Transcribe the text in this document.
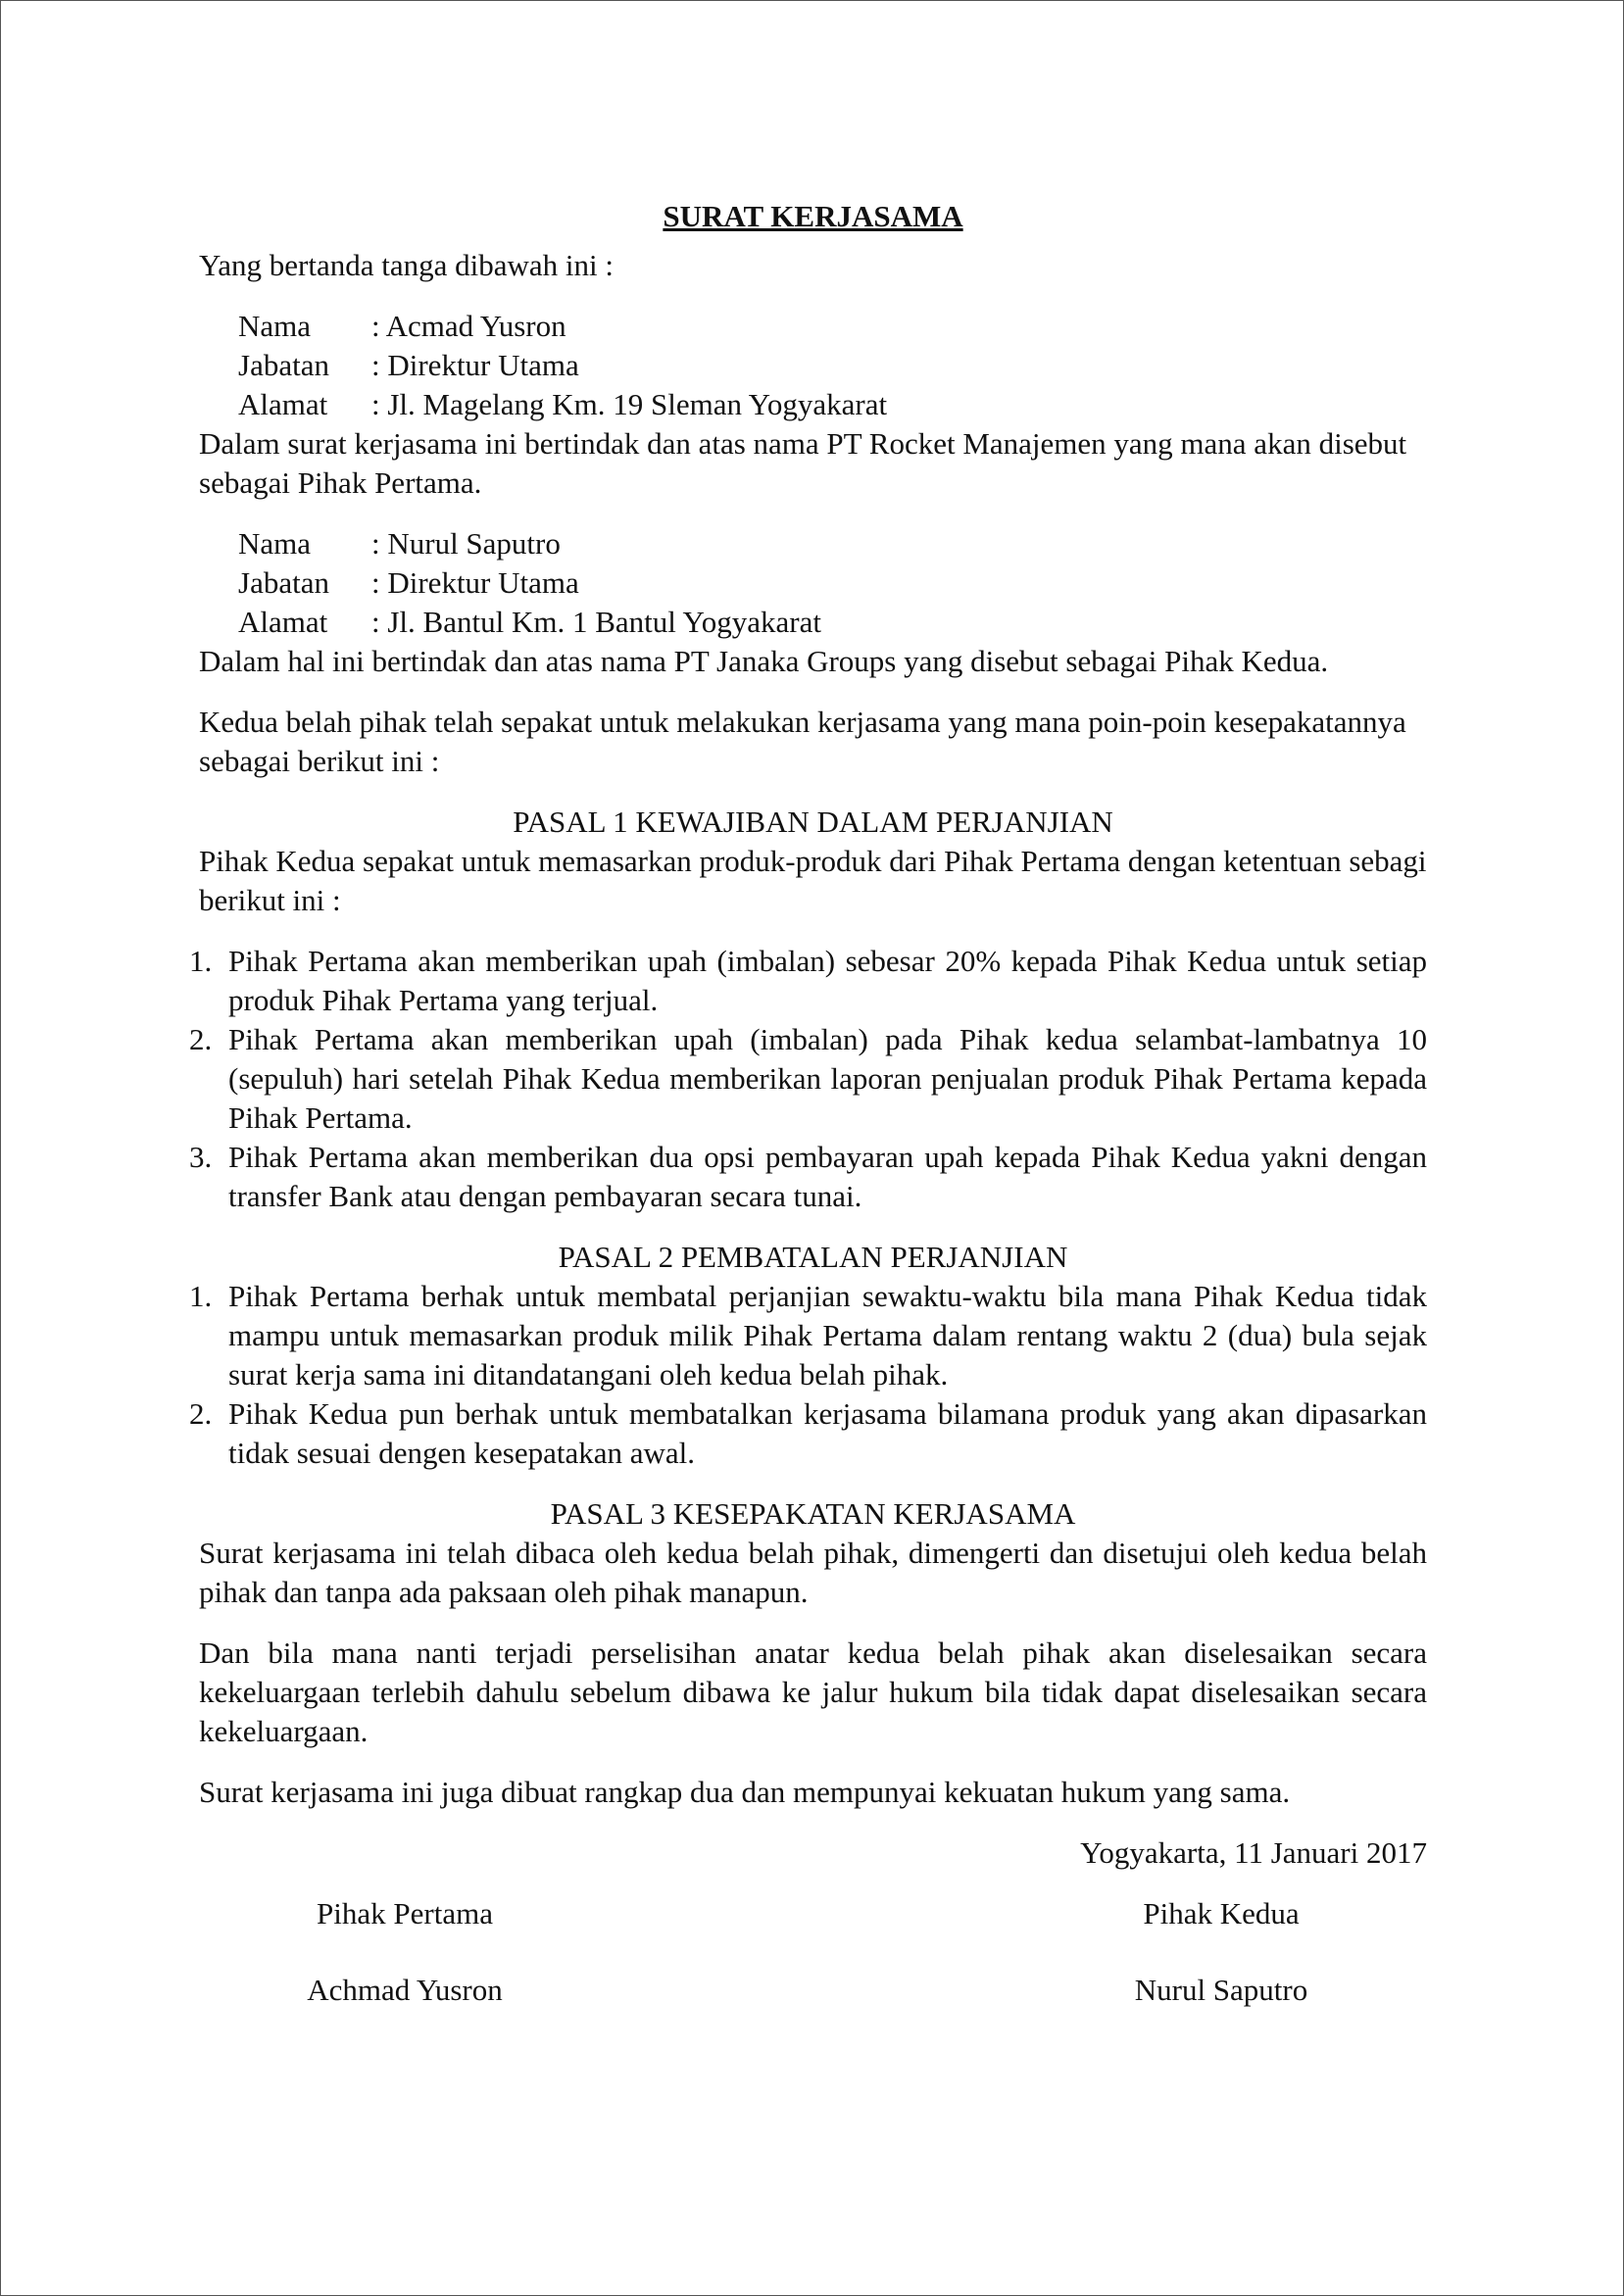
SURAT KERJASAMA

Yang bertanda tanga dibawah ini :

Nama	: Acmad Yusron
Jabatan	: Direktur Utama
Alamat	: Jl. Magelang Km. 19 Sleman Yogyakarat

Dalam surat kerjasama ini bertindak dan atas nama PT Rocket Manajemen yang mana akan disebut sebagai Pihak Pertama.

Nama	: Nurul Saputro
Jabatan	: Direktur Utama
Alamat	: Jl. Bantul Km. 1 Bantul Yogyakarat

Dalam hal ini bertindak dan atas nama PT Janaka Groups yang disebut sebagai Pihak Kedua.

Kedua belah pihak telah sepakat untuk melakukan kerjasama yang mana poin-poin kesepakatannya sebagai berikut ini :

PASAL 1 KEWAJIBAN DALAM PERJANJIAN

Pihak Kedua sepakat untuk memasarkan produk-produk dari Pihak Pertama dengan ketentuan sebagi berikut ini :

1. Pihak Pertama akan memberikan upah (imbalan) sebesar 20% kepada Pihak Kedua untuk setiap produk Pihak Pertama yang terjual.
2. Pihak Pertama akan memberikan upah (imbalan) pada Pihak kedua selambat-lambatnya 10 (sepuluh) hari setelah Pihak Kedua memberikan laporan penjualan produk Pihak Pertama kepada Pihak Pertama.
3. Pihak Pertama akan memberikan dua opsi pembayaran upah kepada Pihak Kedua yakni dengan transfer Bank atau dengan pembayaran secara tunai.

PASAL 2 PEMBATALAN PERJANJIAN

1. Pihak Pertama berhak untuk membatal perjanjian sewaktu-waktu bila mana Pihak Kedua tidak mampu untuk memasarkan produk milik Pihak Pertama dalam rentang waktu 2 (dua) bula sejak surat kerja sama ini ditandatangani oleh kedua belah pihak.
2. Pihak Kedua pun berhak untuk membatalkan kerjasama bilamana produk yang akan dipasarkan tidak sesuai dengen kesepatakan awal.

PASAL 3 KESEPAKATAN KERJASAMA

Surat kerjasama ini telah dibaca oleh kedua belah pihak, dimengerti dan disetujui oleh kedua belah pihak dan tanpa ada paksaan oleh pihak manapun.

Dan bila mana nanti terjadi perselisihan anatar kedua belah pihak akan diselesaikan secara kekeluargaan terlebih dahulu sebelum dibawa ke jalur hukum bila tidak dapat diselesaikan secara kekeluargaan.

Surat kerjasama ini juga dibuat rangkap dua dan mempunyai kekuatan hukum yang sama.

Yogyakarta, 11 Januari 2017

Pihak Pertama	Pihak Kedua
Achmad Yusron	Nurul Saputro
